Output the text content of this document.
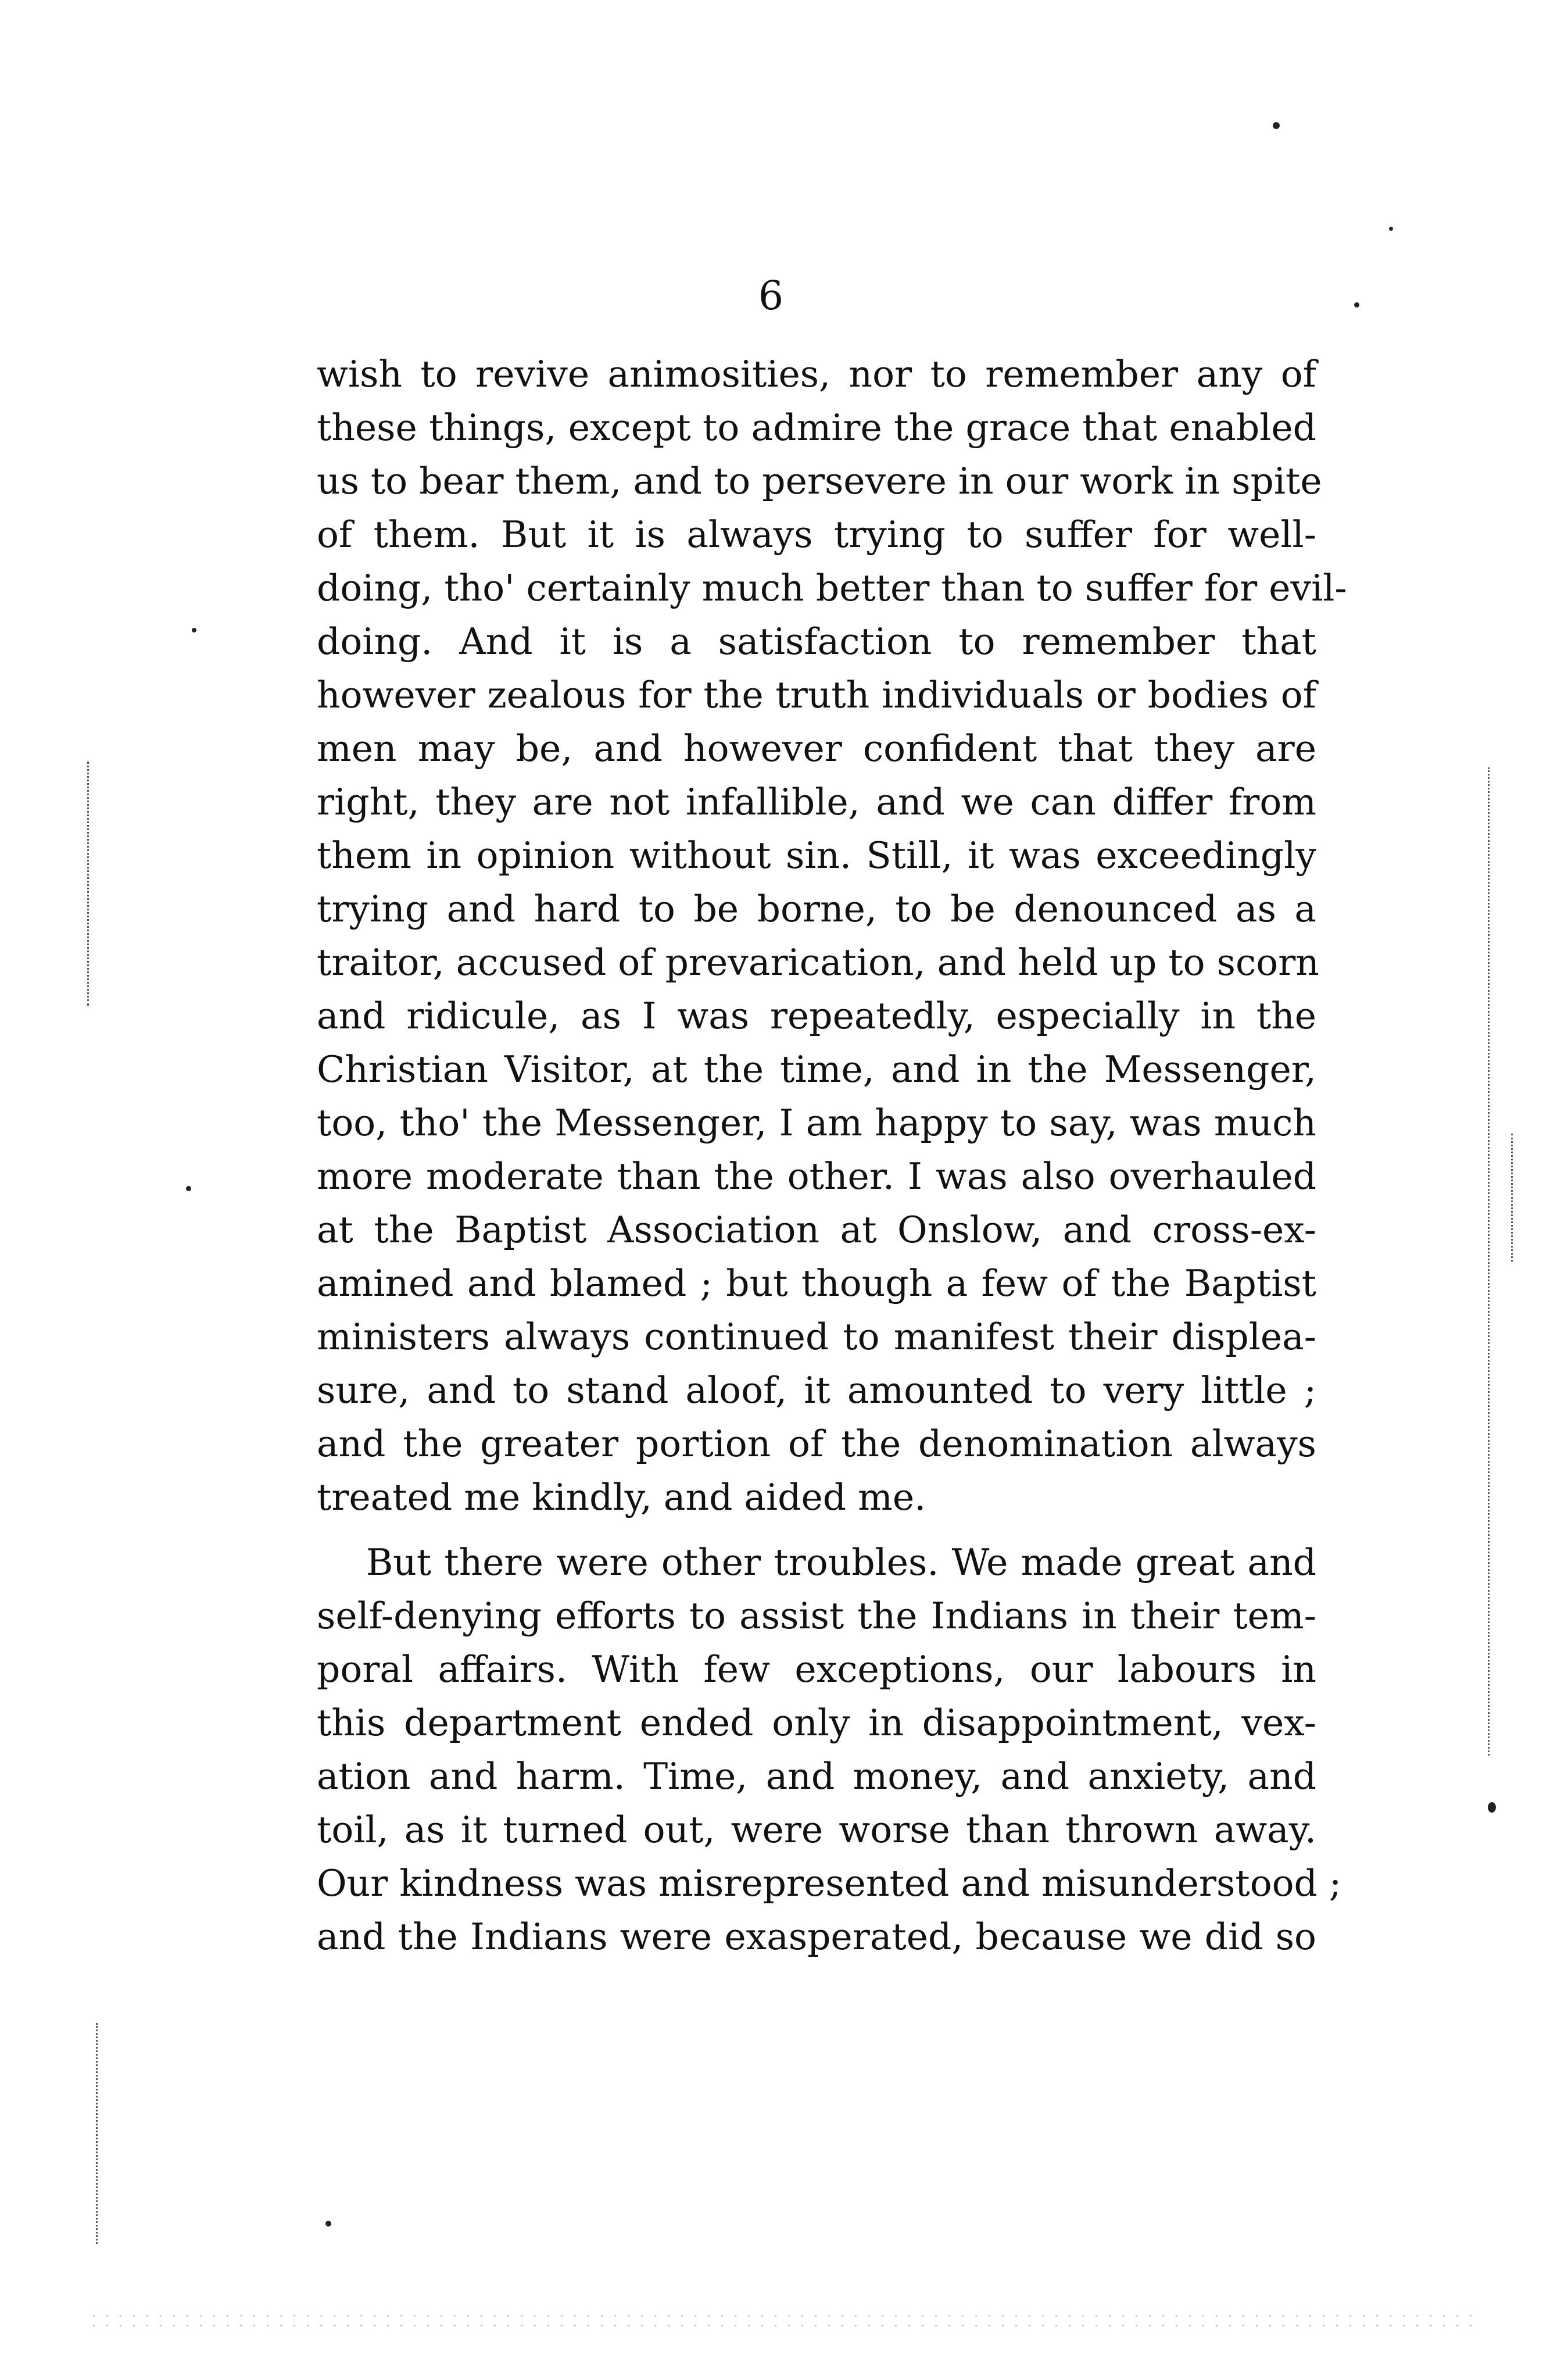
6
wish to revive animosities, nor to remember any of
these things, except to admire the grace that enabled
us to bear them, and to persevere in our work in spite
of them. But it is always trying to suffer for well-
doing, tho' certainly much better than to suffer for evil-
doing. And it is a satisfaction to remember that
however zealous for the truth individuals or bodies of
men may be, and however confident that they are
right, they are not infallible, and we can differ from
them in opinion without sin. Still, it was exceedingly
trying and hard to be borne, to be denounced as a
traitor, accused of prevarication, and held up to scorn
and ridicule, as I was repeatedly, especially in the
Christian Visitor, at the time, and in the Messenger,
too, tho' the Messenger, I am happy to say, was much
more moderate than the other. I was also overhauled
at the Baptist Association at Onslow, and cross-ex-
amined and blamed ; but though a few of the Baptist
ministers always continued to manifest their displea-
sure, and to stand aloof, it amounted to very little ;
and the greater portion of the denomination always
treated me kindly, and aided me.
But there were other troubles. We made great and
self-denying efforts to assist the Indians in their tem-
poral affairs. With few exceptions, our labours in
this department ended only in disappointment, vex-
ation and harm. Time, and money, and anxiety, and
toil, as it turned out, were worse than thrown away.
Our kindness was misrepresented and misunderstood ;
and the Indians were exasperated, because we did so
